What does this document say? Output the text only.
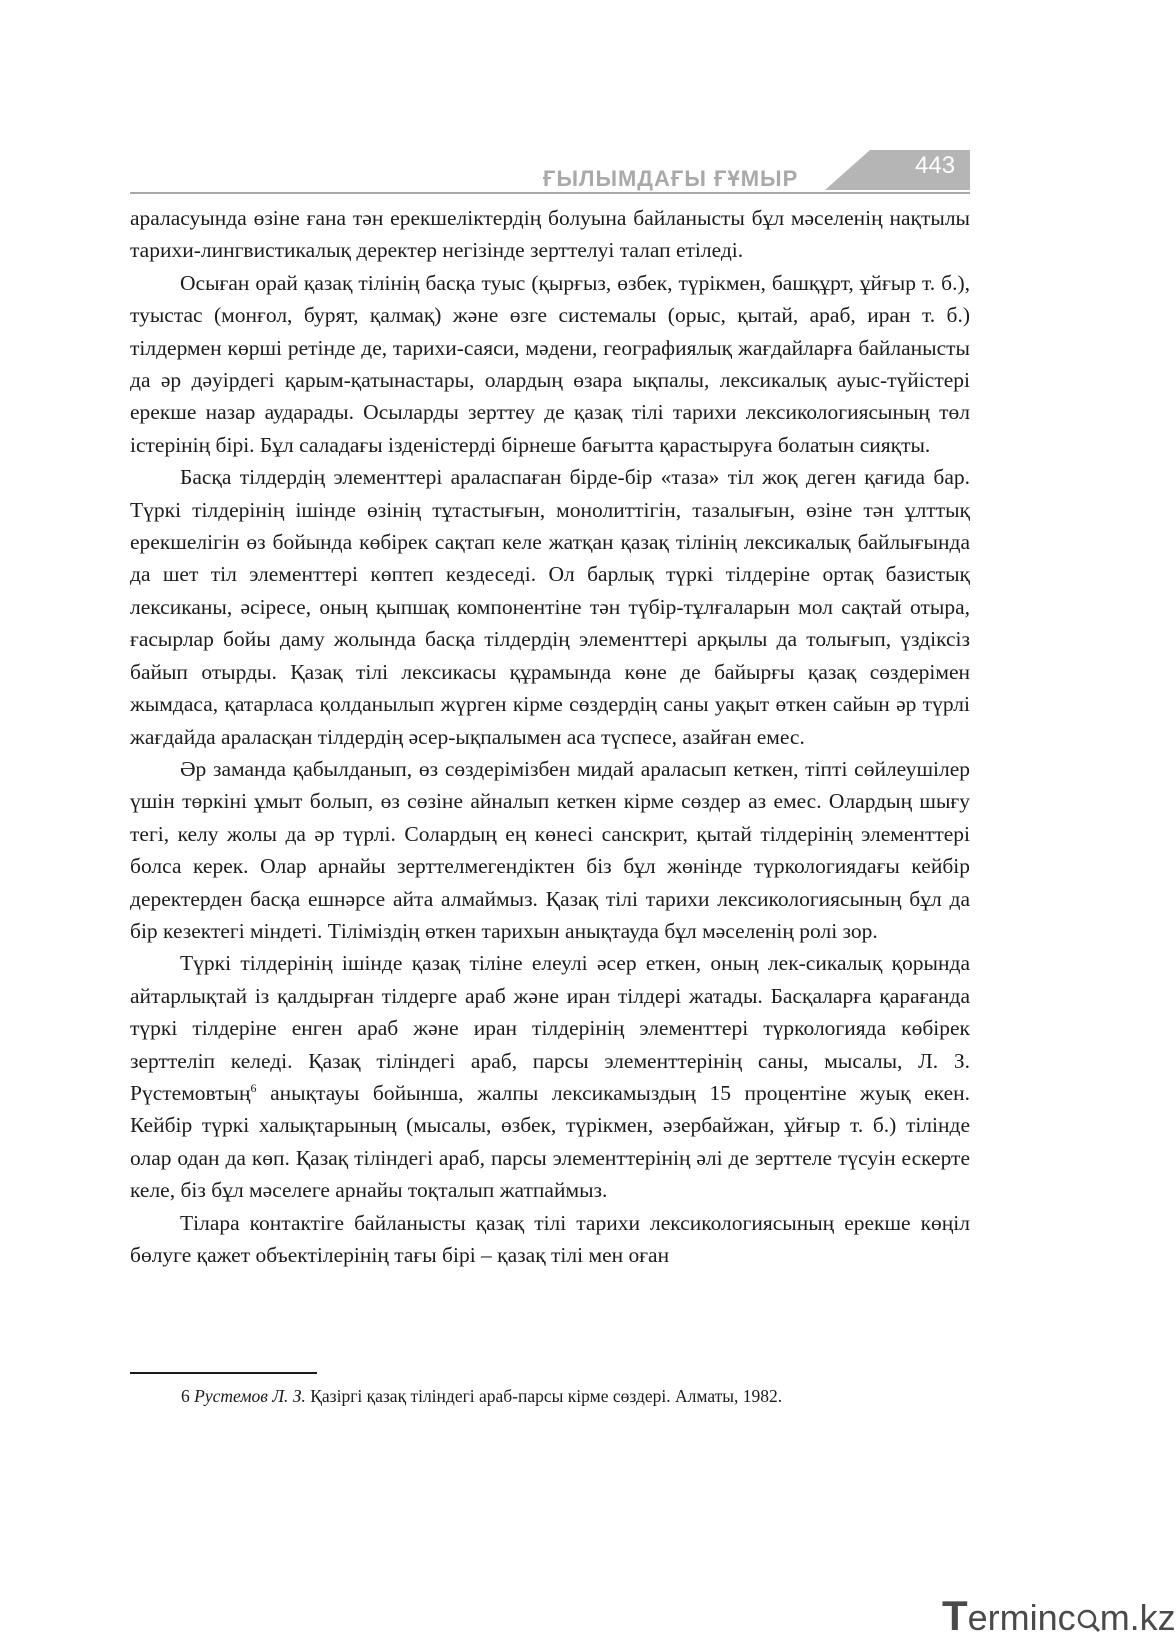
ҒЫЛЫМДАҒЫ ҒҰМЫР	443

араласуында өзіне ғана тән ерекшеліктердің болуына байланысты бұл мәселенің нақтылы тарихи-лингвистикалық деректер негізінде зерттелуі талап етіледі.

Осыған орай қазақ тілінің басқа туыс (қырғыз, өзбек, түрікмен, башқұрт, ұйғыр т. б.), туыстас (монғол, бурят, қалмақ) және өзге системалы (орыс, қытай, араб, иран т. б.) тілдермен көрші ретінде де, тарихи-саяси, мәдени, географиялық жағдайларға байланысты да әр дәуірдегі қарым-қатынастары, олардың өзара ықпалы, лексикалық ауыс-түйістері ерекше назар аударады. Осыларды зерттеу де қазақ тілі тарихи лексикологиясының төл істерінің бірі. Бұл саладағы ізденістерді бірнеше бағытта қарастыруға болатын сияқты.

Басқа тілдердің элементтері араласпаған бірде-бір «таза» тіл жоқ деген қағида бар. Түркі тілдерінің ішінде өзінің тұтастығын, монолиттігін, тазалығын, өзіне тән ұлттық ерекшелігін өз бойында көбірек сақтап келе жатқан қазақ тілінің лексикалық байлығында да шет тіл элементтері көптеп кездеседі. Ол барлық түркі тілдеріне ортақ базистық лексиканы, әсіресе, оның қыпшақ компонентіне тән түбір-тұлғаларын мол сақтай отыра, ғасырлар бойы даму жолында басқа тілдердің элементтері арқылы да толығып, үздіксіз байып отырды. Қазақ тілі лексикасы құрамында көне де байырғы қазақ сөздерімен жымдаса, қатарласа қолданылып жүрген кірме сөздердің саны уақыт өткен сайын әр түрлі жағдайда араласқан тілдердің әсер-ықпалымен аса түспесе, азайған емес.

Әр заманда қабылданып, өз сөздерімізбен мидай араласып кеткен, тіпті сөйлеушілер үшін төркіні ұмыт болып, өз сөзіне айналып кеткен кірме сөздер аз емес. Олардың шығу тегі, келу жолы да әр түрлі. Солардың ең көнесі санскрит, қытай тілдерінің элементтері болса керек. Олар арнайы зерттелмегендіктен біз бұл жөнінде түркологиядағы кейбір деректерден басқа ешнәрсе айта алмаймыз. Қазақ тілі тарихи лексикологиясының бұл да бір кезектегі міндеті. Тіліміздің өткен тарихын анықтауда бұл мәселенің ролі зор.

Түркі тілдерінің ішінде қазақ тіліне елеулі әсер еткен, оның лек-сикалық қорында айтарлықтай із қалдырған тілдерге араб және иран тілдері жатады. Басқаларға қарағанда түркі тілдеріне енген араб және иран тілдерінің элементтері түркологияда көбірек зерттеліп келеді. Қазақ тіліндегі араб, парсы элементтерінің саны, мысалы, Л. З. Рүстемовтың$^6$ анықтауы бойынша, жалпы лексикамыздың 15 процентіне жуық екен. Кейбір түркі халықтарының (мысалы, өзбек, түрікмен, әзербайжан, ұйғыр т. б.) тілінде олар одан да көп. Қазақ тіліндегі араб, парсы элементтерінің әлі де зерттеле түсуін ескерте келе, біз бұл мәселеге арнайы тоқталып жатпаймыз.

Тілара контактіге байланысты қазақ тілі тарихи лексикологиясының ерекше көңіл бөлуге қажет объектілерінің тағы бірі – қазақ тілі мен оған

6 Рустемов Л. З. Қазіргі қазақ тіліндегі араб-парсы кірме сөздері. Алматы, 1982.
Terminc m.kz
